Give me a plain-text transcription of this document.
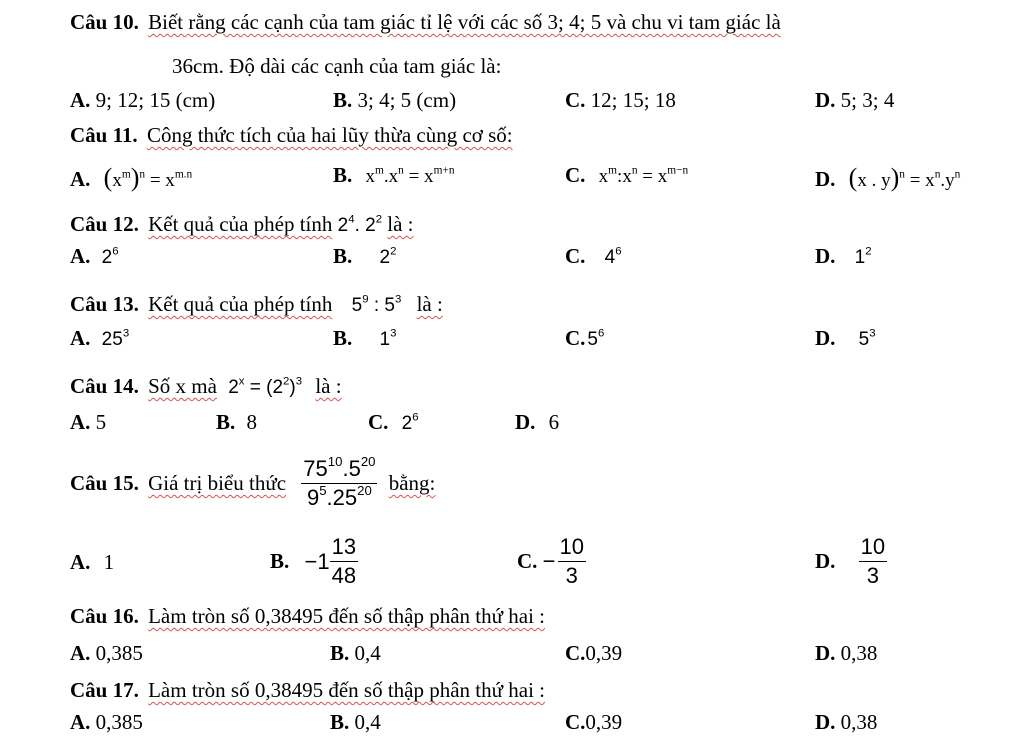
Câu 10. Biết rằng các cạnh của tam giác tỉ lệ với các số 3; 4; 5 và chu vi tam giác là
36cm. Độ dài các cạnh của tam giác là:
A. 9; 12; 15 (cm)	B. 3; 4; 5 (cm)	C. 12; 15; 18	D. 5; 3; 4
Câu 11. Công thức tích của hai lũy thừa cùng cơ số:
A. $(x^m)^n = x^{m.n}$	B. $x^m.x^n = x^{m+n}$	C. $x^m:x^n = x^{m-n}$	D. (x . $y)^n = x^n.y^n$
Câu 12. Kết quả của phép tính $2^4$. $2^2$ là :
A. $2^6$	B. $2^2$	C. $4^6$	D. $1^2$
Câu 13. Kết quả của phép tính $5^9$ : $5^3$ là :
A. $25^3$	B. $1^3$	C. $5^6$	D. $5^3$
Câu 14. Số x mà $2^x = (2^2)^3$ là :
A. 5	B. 8	C. $2^6$	D. 6
Câu 15. Giá trị biểu thức $\frac{75^{10}.5^{20}}{9^5.25^{20}}$ bằng:
A. 1	B. $-1 \frac{13}{48}$	C. − $\frac{10}{3}$	D. $\frac{10}{3}$
Câu 16. Làm tròn số 0,38495 đến số thập phân thứ hai :
A. 0,385	B. 0,4	C.0,39	D. 0,38
Câu 17. Làm tròn số 0,38495 đến số thập phân thứ hai :
A. 0,385	B. 0,4	C.0,39	D. 0,38
